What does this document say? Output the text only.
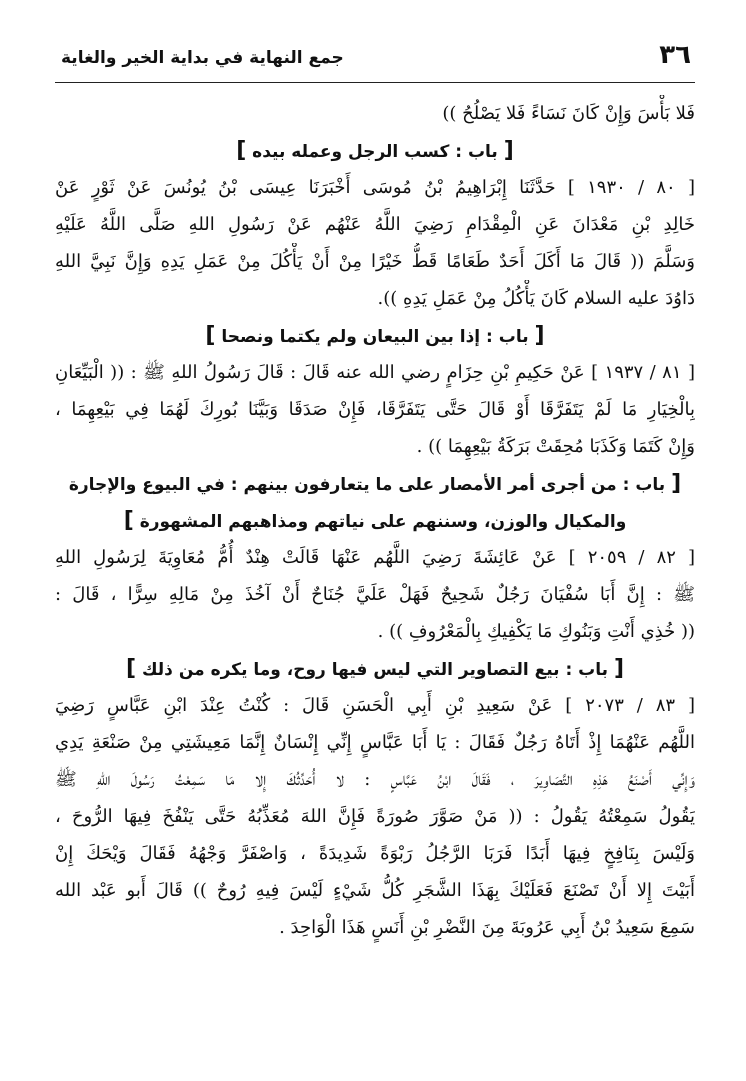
٣٦
جمع النهاية في بداية الخير والغاية
فَلا بَأْسَ وَإِنْ كَانَ نَسَاءً فَلا يَصْلُحُ ))
[ باب : كسب الرجل وعمله بيده ]
[ ٨٠ / ١٩٣٠ ] حَدَّثَنَا إِبْرَاهِيمُ بْنُ مُوسَى أَخْبَرَنَا عِيسَى بْنُ يُونُسَ عَنْ ثَوْرٍ عَنْ
خَالِدِ بْنِ مَعْدَانَ عَنِ الْمِقْدَامِ رَضِيَ اللَّهُ عَنْهُم عَنْ رَسُولِ اللهِ صَلَّى اللَّهُ عَلَيْهِ
وَسَلَّمَ (( قَالَ مَا أَكَلَ أَحَدٌ طَعَامًا قَطُّ خَيْرًا مِنْ أَنْ يَأْكُلَ مِنْ عَمَلِ يَدِهِ وَإِنَّ نَبِيَّ اللهِ
دَاوُدَ عليه السلام كَانَ يَأْكُلُ مِنْ عَمَلِ يَدِهِ )).
[ باب : إذا بين البيعان ولم يكتما ونصحا ]
[ ٨١ / ١٩٣٧ ] عَنْ حَكِيمِ بْنِ حِزَامٍ رضي الله عنه قَالَ : قَالَ رَسُولُ اللهِ ﷺ : (( الْبَيِّعَانِ
بِالْخِيَارِ مَا لَمْ يَتَفَرَّقَا أَوْ قَالَ حَتَّى يَتَفَرَّقَا، فَإِنْ صَدَقَا وَبَيَّنَا بُورِكَ لَهُمَا فِي بَيْعِهِمَا ،
وَإِنْ كَتَمَا وَكَذَبَا مُحِقَتْ بَرَكَةُ بَيْعِهِمَا )) .
[ باب : من أجرى أمر الأمصار على ما يتعارفون بينهم : في البيوع والإجارة
والمكيال والوزن، وسننهم على نياتهم ومذاهبهم المشهورة ]
[ ٨٢ / ٢٠٥٩ ] عَنْ عَائِشَةَ رَضِيَ اللَّهُم عَنْهَا قَالَتْ هِنْدٌ أُمُّ مُعَاوِيَةَ لِرَسُولِ اللهِ
ﷺ : إِنَّ أَبَا سُفْيَانَ رَجُلٌ شَحِيحٌ فَهَلْ عَلَيَّ جُنَاحٌ أَنْ آخُذَ مِنْ مَالِهِ سِرًّا ، قَالَ :
(( خُذِي أَنْتِ وَبَنُوكِ مَا يَكْفِيكِ بِالْمَعْرُوفِ )) .
[ باب : بيع التصاوير التي ليس فيها روح، وما يكره من ذلك ]
[ ٨٣ / ٢٠٧٣ ] عَنْ سَعِيدِ بْنِ أَبِي الْحَسَنِ قَالَ : كُنْتُ عِنْدَ ابْنِ عَبَّاسٍ رَضِيَ
اللَّهُم عَنْهُمَا إِذْ أَتَاهُ رَجُلٌ فَقَالَ : يَا أَبَا عَبَّاسٍ إِنِّي إِنْسَانٌ إِنَّمَا مَعِيشَتِي مِنْ صَنْعَةِ يَدِي
وَإِنِّي أَصْنَعُ هَذِهِ التَّصَاوِيرَ ، فَقَالَ ابْنُ عَبَّاسٍ : لا أُحَدِّثُكَ إِلا مَا سَمِعْتُ رَسُولَ اللهِ ﷺ
يَقُولُ سَمِعْتُهُ يَقُولُ : (( مَنْ صَوَّرَ صُورَةً فَإِنَّ اللهَ مُعَذِّبُهُ حَتَّى يَنْفُخَ فِيهَا الرُّوحَ ،
وَلَيْسَ بِنَافِخٍ فِيهَا أَبَدًا فَرَبَا الرَّجُلُ رَبْوَةً شَدِيدَةً ، وَاصْفَرَّ وَجْهُهُ فَقَالَ وَيْحَكَ إِنْ
أَبَيْتَ إِلا أَنْ تَصْنَعَ فَعَلَيْكَ بِهَذَا الشَّجَرِ كُلُّ شَيْءٍ لَيْسَ فِيهِ رُوحٌ )) قَالَ أَبو عَبْد الله
سَمِعَ سَعِيدُ بْنُ أَبِي عَرُوبَةَ مِنَ النَّضْرِ بْنِ أَنَسٍ هَذَا الْوَاحِدَ .
